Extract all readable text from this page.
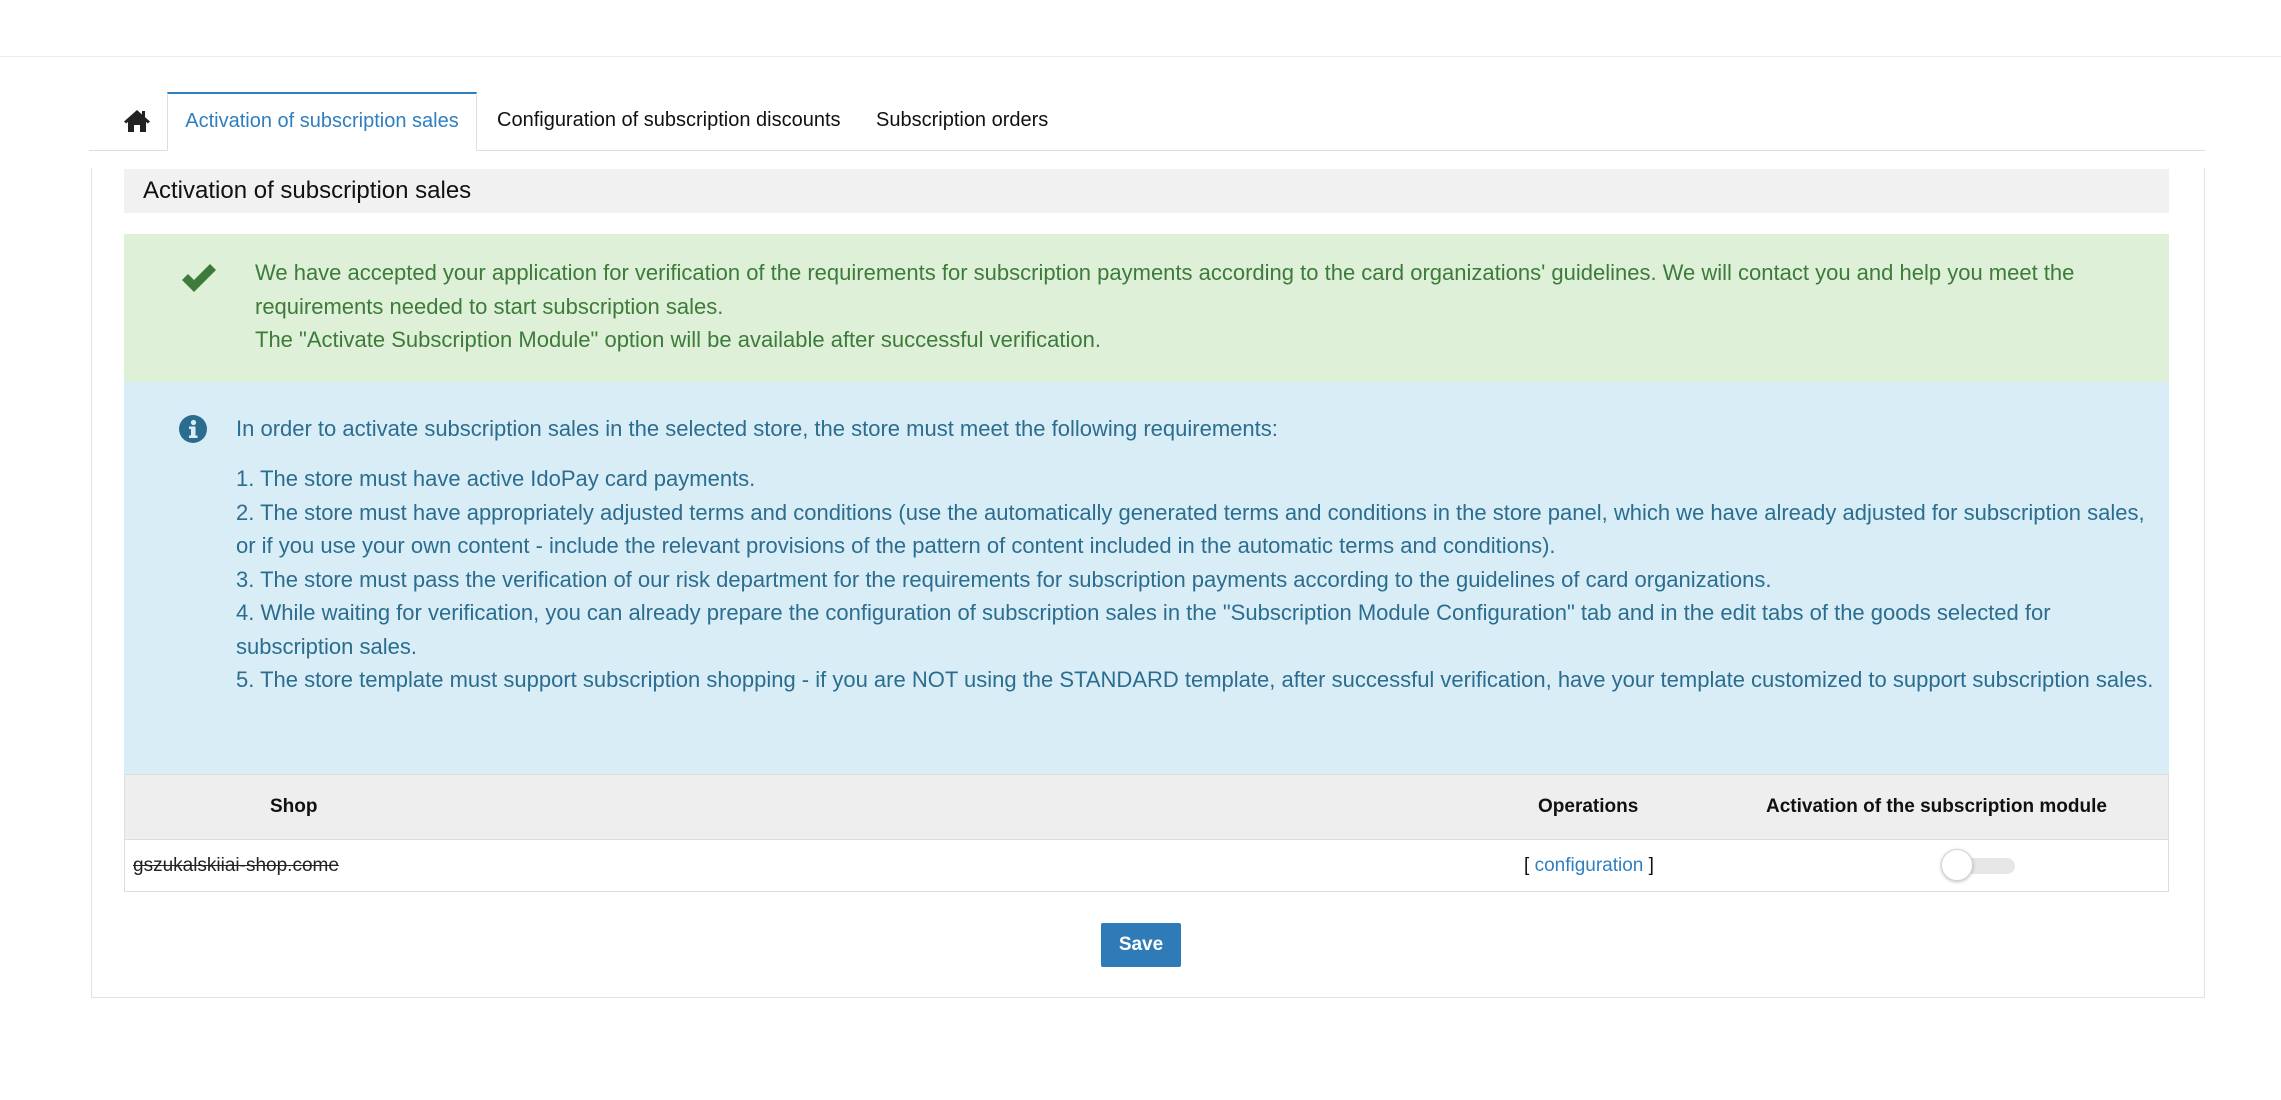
Activation of subscription sales	Configuration of subscription discounts Subscription orders
Activation of subscription sales
We have accepted your application for verification of the requirements for subscription payments according to the card organizations' guidelines. We will contact you and help you meet the requirements needed to start subscription sales.
The "Activate Subscription Module" option will be available after successful verification.
In order to activate subscription sales in the selected store, the store must meet the following requirements:
1. The store must have active IdoPay card payments.
2. The store must have appropriately adjusted terms and conditions (use the automatically generated terms and conditions in the store panel, which we have already adjusted for subscription sales, or if you use your own content - include the relevant provisions of the pattern of content included in the automatic terms and conditions).
3. The store must pass the verification of our risk department for the requirements for subscription payments according to the guidelines of card organizations.
4. While waiting for verification, you can already prepare the configuration of subscription sales in the "Subscription Module Configuration" tab and in the edit tabs of the goods selected for subscription sales.
5. The store template must support subscription shopping - if you are NOT using the STANDARD template, after successful verification, have your template customized to support subscription sales.
Shop	Operations	Activation of the subscription module
gszukalskiiai-shop.come	[ configuration ]
Save
